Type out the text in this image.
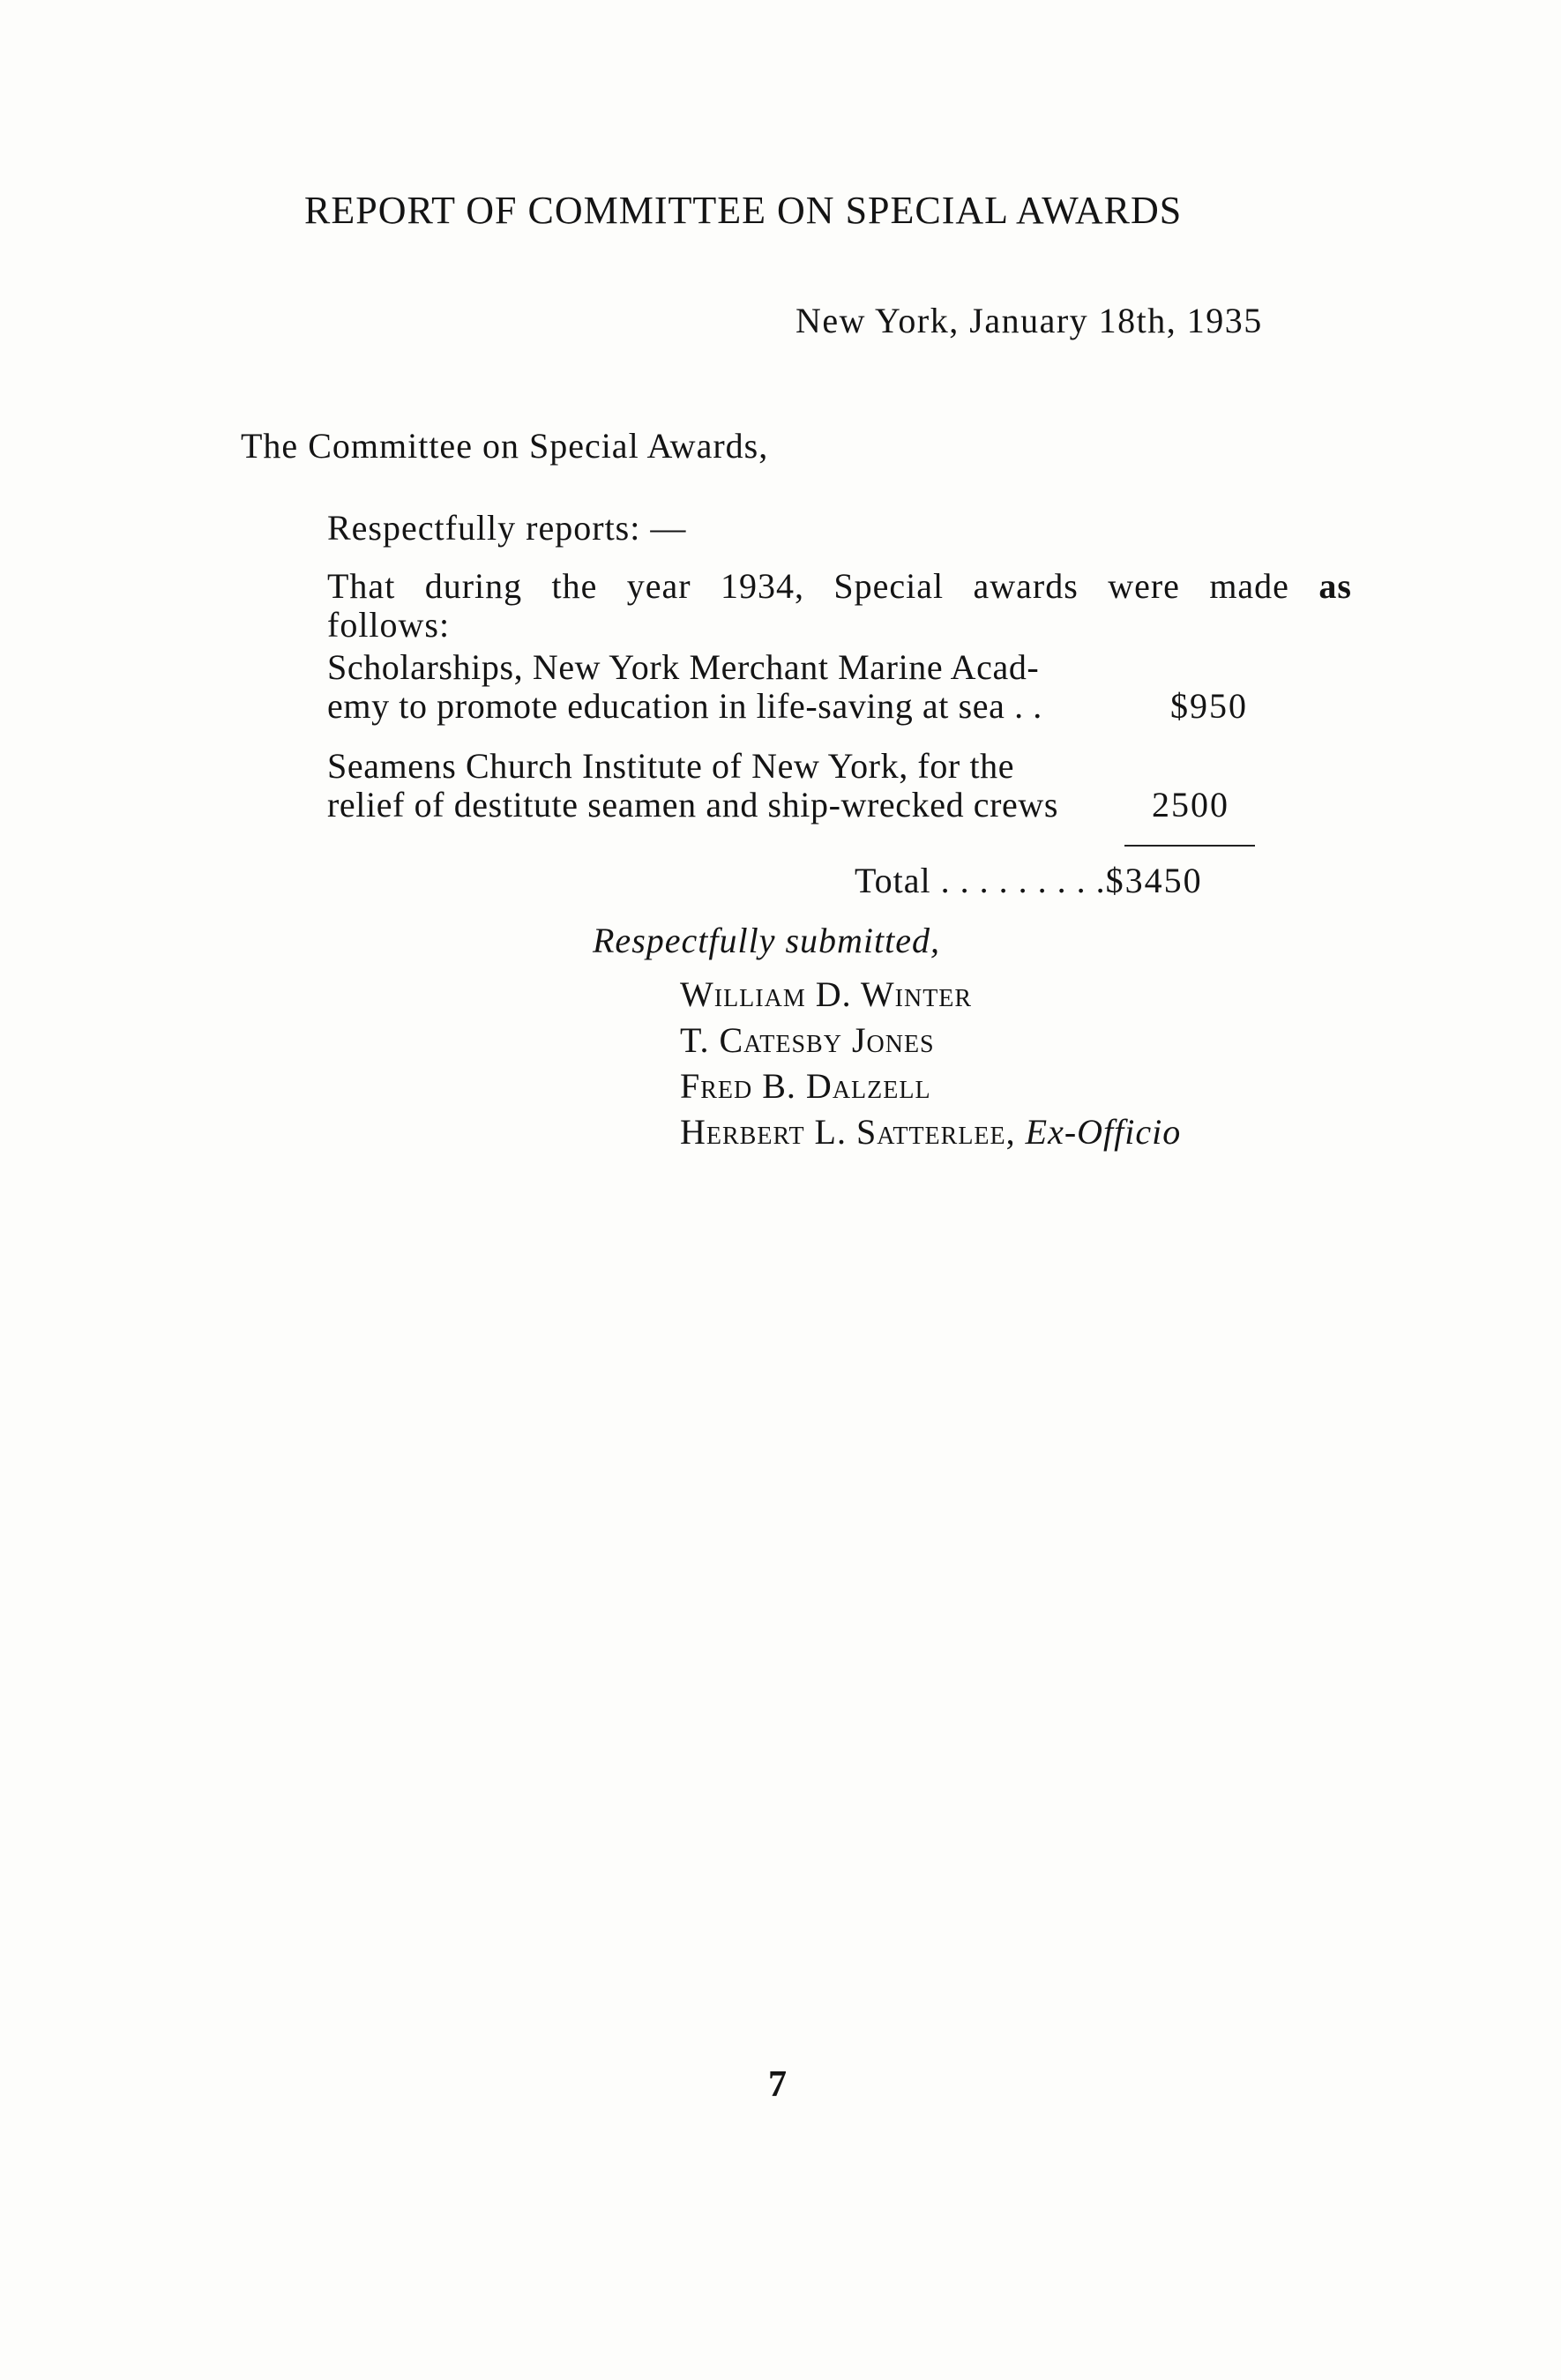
REPORT OF COMMITTEE ON SPECIAL AWARDS
New York, January 18th, 1935
The Committee on Special Awards,
Respectfully reports: —
That during the year 1934, Special awards were made as
follows:
Scholarships, New York Merchant Marine Acad-
emy to promote education in life-saving at sea . .	$950
Seamens Church Institute of New York, for the
relief of destitute seamen and ship-wrecked crews	2500
Total . . . . . . . . .$3450
Respectfully submitted,
William D. Winter
T. Catesby Jones
Fred B. Dalzell
Herbert L. Satterlee, Ex-Officio
7
